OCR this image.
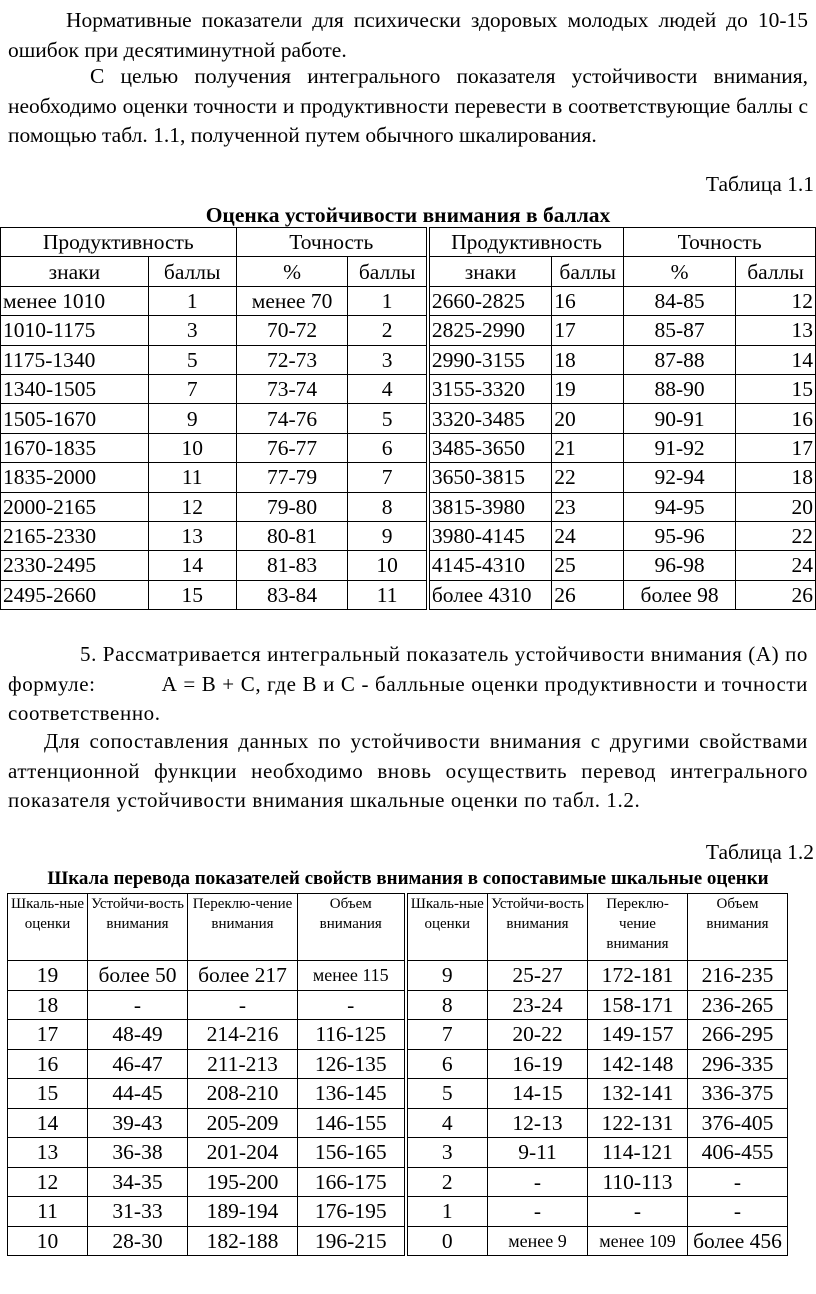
Нормативные показатели для психически здоровых молодых людей до 10-15 ошибок при десятиминутной работе.
С целью получения интегрального показателя устойчивости внимания, необходимо оценки точности и продуктивности перевести в соответствующие баллы с помощью табл. 1.1, полученной путем обычного шкалирования.
Таблица 1.1
Оценка устойчивости внимания в баллах
Продуктивность		Точность		Продуктивность		Точность	
знаки	баллы	%	баллы	знаки	баллы	%	баллы
менее 1010	1	менее 70	1	2660-2825	16	84-85	12
1010-1175	3	70-72	2	2825-2990	17	85-87	13
1175-1340	5	72-73	3	2990-3155	18	87-88	14
1340-1505	7	73-74	4	3155-3320	19	88-90	15
1505-1670	9	74-76	5	3320-3485	20	90-91	16
1670-1835	10	76-77	6	3485-3650	21	91-92	17
1835-2000	11	77-79	7	3650-3815	22	92-94	18
2000-2165	12	79-80	8	3815-3980	23	94-95	20
2165-2330	13	80-81	9	3980-4145	24	95-96	22
2330-2495	14	81-83	10	4145-4310	25	96-98	24
2495-2660	15	83-84	11	более 4310	26	более 98	26
5. Рассматривается интегральный показатель устойчивости внимания (А) по формуле:	А = В + С, где В и С - балльные оценки продуктивности и точности соответственно.
Для сопоставления данных по устойчивости внимания с другими свойствами аттенционной функции необходимо вновь осуществить перевод интегрального показателя устойчивости внимания шкальные оценки по табл. 1.2.
Таблица 1.2
Шкала перевода показателей свойств внимания в сопоставимые шкальные оценки
Шкаль-ные оценки	Устойчи-вость внимания	Переклю-чение внимания	Объем внимания	Шкаль-ные оценки	Устойчи-вость внимания	Переклю-чение внимания	Объем внимания
19	более 50	более 217	менее 115	9	25-27	172-181	216-235
18	-	-	-	8	23-24	158-171	236-265
17	48-49	214-216	116-125	7	20-22	149-157	266-295
16	46-47	211-213	126-135	6	16-19	142-148	296-335
15	44-45	208-210	136-145	5	14-15	132-141	336-375
14	39-43	205-209	146-155	4	12-13	122-131	376-405
13	36-38	201-204	156-165	3	9-11	114-121	406-455
12	34-35	195-200	166-175	2	-	110-113	-
11	31-33	189-194	176-195	1	-	-	-
10	28-30	182-188	196-215	0	менее 9	менее 109	более 456
